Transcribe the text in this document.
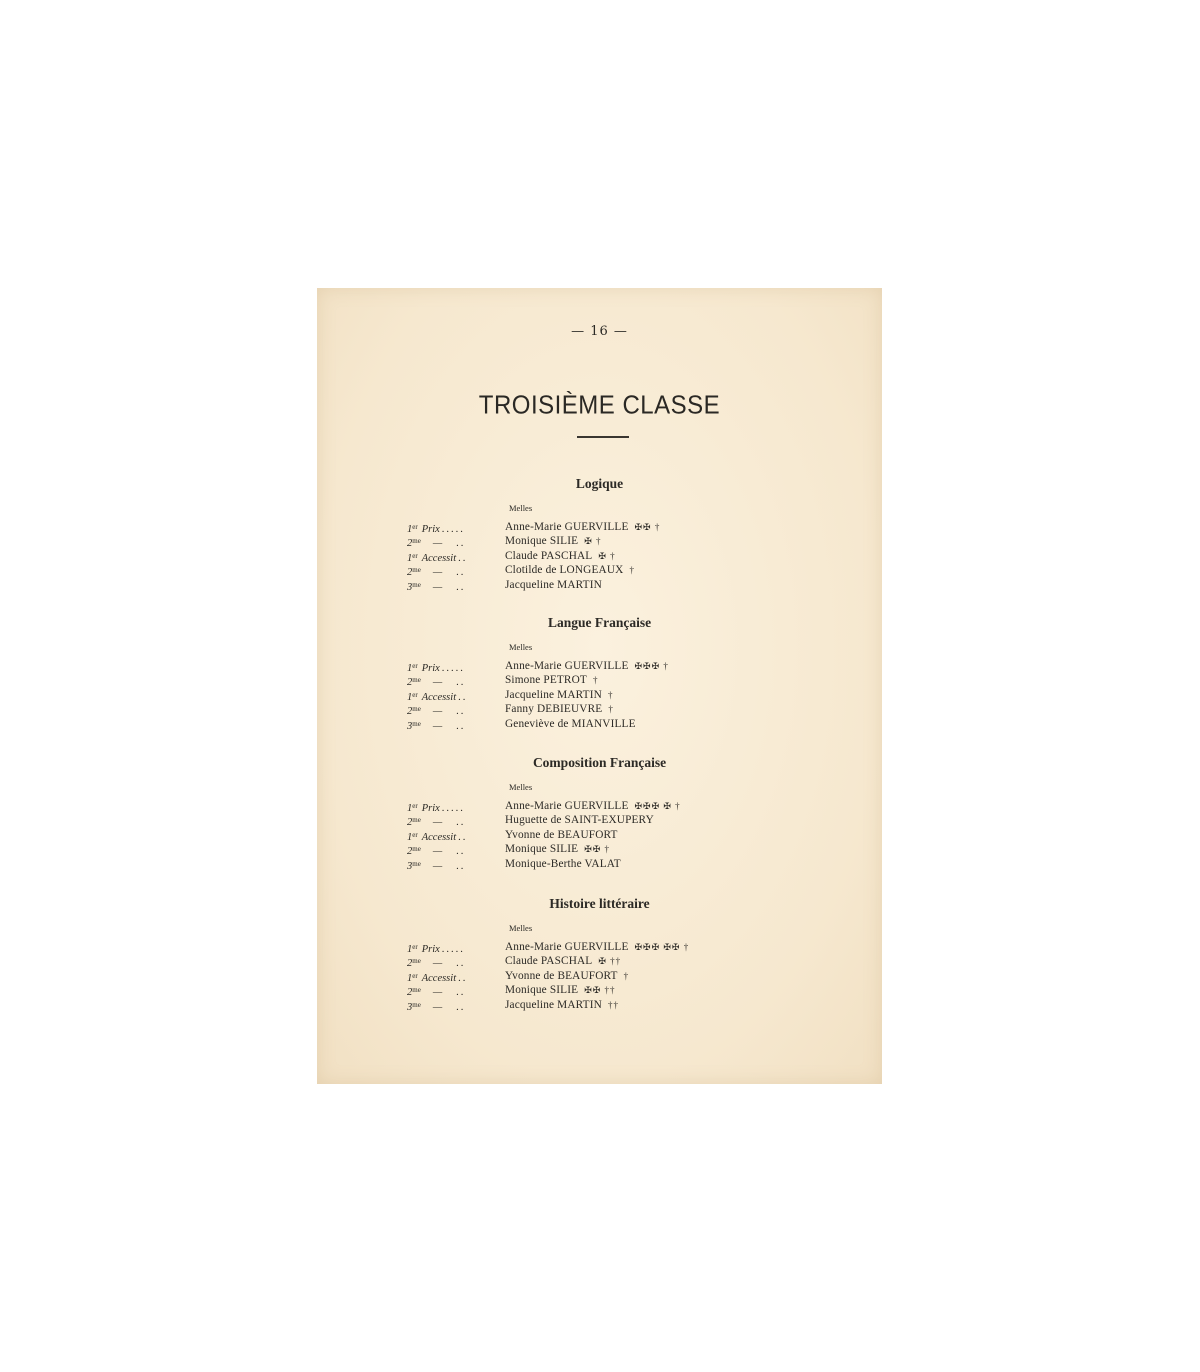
— 16 —
TROISIÈME CLASSE
Logique
Melles
1er Prix .....	Anne-Marie GUERVILLE ✠✠ †
$2^{me}$ — ..	Monique SILIE ✠ †
1er Accessit ..	Claude PASCHAL ✠ †
$2^{me}$ — ..	Clotilde de LONGEAUX †
$3^{me}$ — ..	Jacqueline MARTIN
Langue Française
Melles
1er Prix .....	Anne-Marie GUERVILLE ✠✠✠ †
$2^{me}$ — ..	Simone PETROT †
1er Accessit ..	Jacqueline MARTIN †
$2^{me}$ — ..	Fanny DEBIEUVRE †
$3^{me}$ — ..	Geneviève de MIANVILLE
Composition Française
Melles
1er Prix .....	Anne-Marie GUERVILLE ✠✠✠ ✠ †
$2^{me}$ — ..	Huguette de SAINT-EXUPERY
1er Accessit ..	Yvonne de BEAUFORT
$2^{me}$ — ..	Monique SILIE ✠✠ †
$3^{me}$ — ..	Monique-Berthe VALAT
Histoire littéraire
Melles
1er Prix .....	Anne-Marie GUERVILLE ✠✠✠ ✠✠ †
$2^{me}$ — ..	Claude PASCHAL ✠ ††
1er Accessit ..	Yvonne de BEAUFORT †
$2^{me}$ — ..	Monique SILIE ✠✠ ††
$3^{me}$ — ..	Jacqueline MARTIN ††
